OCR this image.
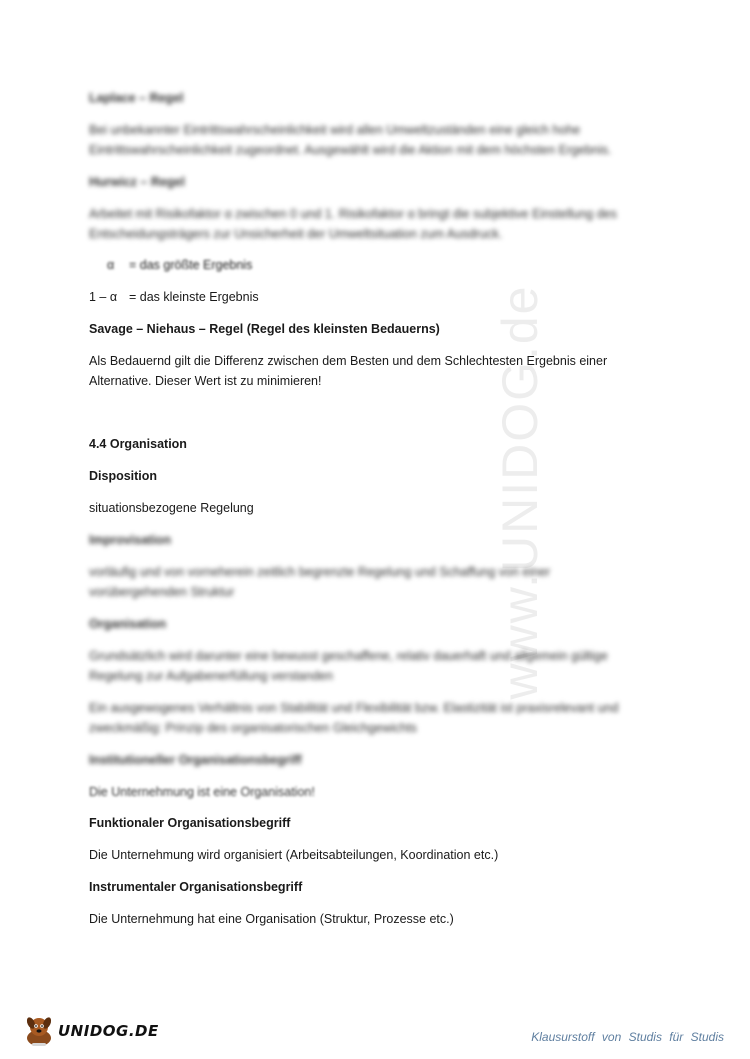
www.UNIDOG.de
Laplace – Regel
Bei unbekannter Eintrittswahrscheinlichkeit wird allen Umweltzuständen eine gleich hohe
Eintrittswahrscheinlichkeit zugeordnet. Ausgewählt wird die Aktion mit dem höchsten Ergebnis.
Hurwicz – Regel
Arbeitet mit Risikofaktor α zwischen 0 und 1. Risikofaktor α bringt die subjektive Einstellung des
Entscheidungsträgers zur Unsicherheit der Umweltsituation zum Ausdruck.
α = das größte Ergebnis
1 – α = das kleinste Ergebnis
Savage – Niehaus – Regel (Regel des kleinsten Bedauerns)
Als Bedauernd gilt die Differenz zwischen dem Besten und dem Schlechtesten Ergebnis einer
Alternative. Dieser Wert ist zu minimieren!
4.4 Organisation
Disposition
situationsbezogene Regelung
Improvisation
vorläufig und von vorneherein zeitlich begrenzte Regelung und Schaffung von einer
vorübergehenden Struktur
Organisation
Grundsätzlich wird darunter eine bewusst geschaffene, relativ dauerhaft und allgemein gültige
Regelung zur Aufgabenerfüllung verstanden
Ein ausgewogenes Verhältnis von Stabilität und Flexibilität bzw. Elastizität ist praxisrelevant und
zweckmäßig: Prinzip des organisatorischen Gleichgewichts
Institutioneller Organisationsbegriff
Die Unternehmung ist eine Organisation!
Funktionaler Organisationsbegriff
Die Unternehmung wird organisiert (Arbeitsabteilungen, Koordination etc.)
Instrumentaler Organisationsbegriff
Die Unternehmung hat eine Organisation (Struktur, Prozesse etc.)
UNIDOG.DE	Klausurstoff von Studis für Studis
